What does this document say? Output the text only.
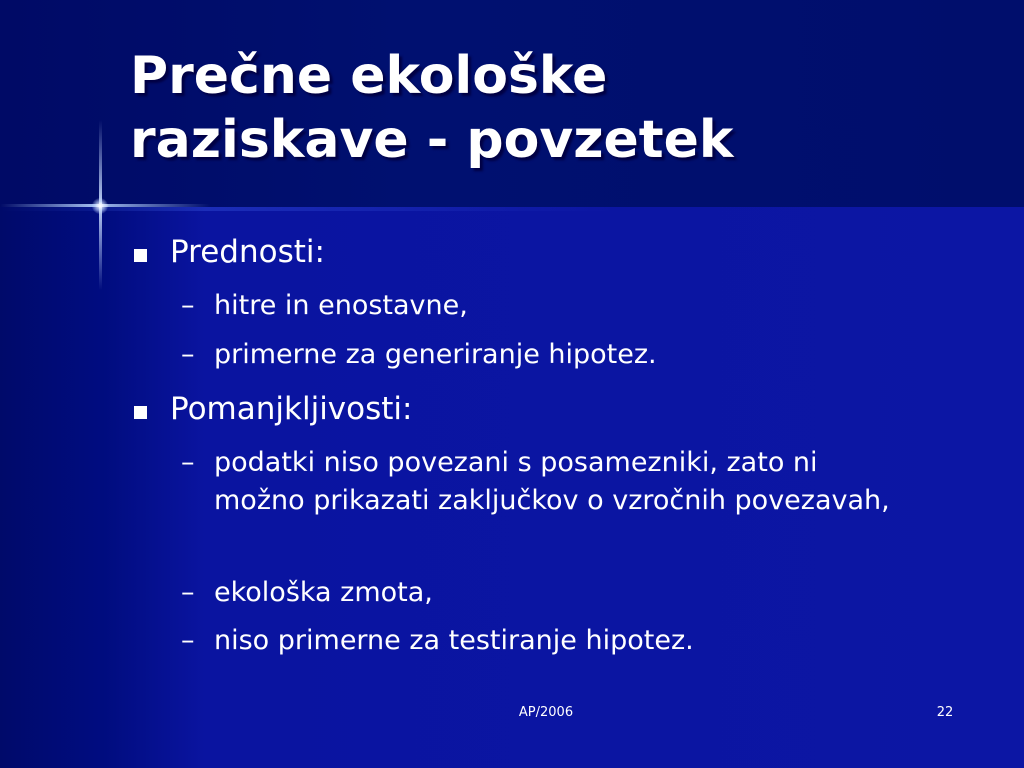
Prečne ekološke
raziskave - povzetek
Prednosti:
– hitre in enostavne,
– primerne za generiranje hipotez.
Pomanjkljivosti:
– podatki niso povezani s posamezniki, zato ni možno prikazati zaključkov o vzročnih povezavah,
– ekološka zmota,
– niso primerne za testiranje hipotez.
AP/2006	22
